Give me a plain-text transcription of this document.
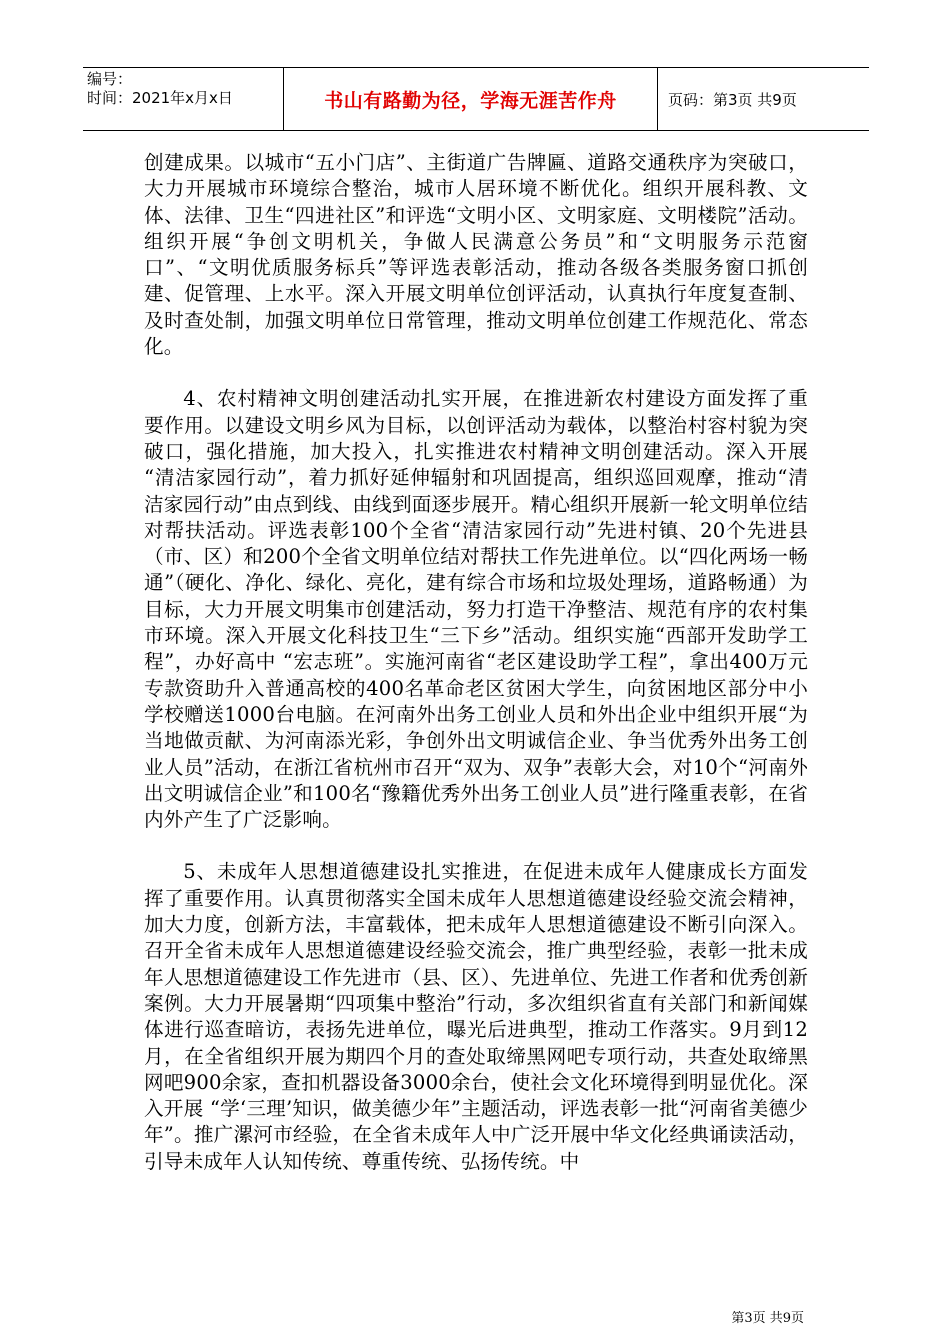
编号：
时间：2021年x月x日	书山有路勤为径，学海无涯苦作舟	页码：第3页 共9页

创建成果。以城市“五小门店”、主街道广告牌匾、道路交通秩序为突破口，大力开展城市环境综合整治，城市人居环境不断优化。组织开展科教、文体、法律、卫生“四进社区”和评选“文明小区、文明家庭、文明楼院”活动。组织开展“争创文明机关，争做人民满意公务员”和“文明服务示范窗口”、“文明优质服务标兵”等评选表彰活动，推动各级各类服务窗口抓创建、促管理、上水平。深入开展文明单位创评活动，认真执行年度复查制、及时查处制，加强文明单位日常管理，推动文明单位创建工作规范化、常态化。

4、农村精神文明创建活动扎实开展，在推进新农村建设方面发挥了重要作用。以建设文明乡风为目标，以创评活动为载体，以整治村容村貌为突破口，强化措施，加大投入，扎实推进农村精神文明创建活动。深入开展 “清洁家园行动”，着力抓好延伸辐射和巩固提高，组织巡回观摩，推动“清洁家园行动”由点到线、由线到面逐步展开。精心组织开展新一轮文明单位结对帮扶活动。评选表彰100个全省“清洁家园行动”先进村镇、20个先进县（市、区）和200个全省文明单位结对帮扶工作先进单位。以“四化两场一畅通”（硬化、净化、绿化、亮化，建有综合市场和垃圾处理场，道路畅通）为目标，大力开展文明集市创建活动，努力打造干净整洁、规范有序的农村集市环境。深入开展文化科技卫生“三下乡”活动。组织实施“西部开发助学工程”，办好高中 “宏志班”。实施河南省“老区建设助学工程”，拿出400万元专款资助升入普通高校的400名革命老区贫困大学生，向贫困地区部分中小学校赠送1000台电脑。在河南外出务工创业人员和外出企业中组织开展“为当地做贡献、为河南添光彩，争创外出文明诚信企业、争当优秀外出务工创业人员”活动，在浙江省杭州市召开“双为、双争”表彰大会，对10个“河南外出文明诚信企业”和100名“豫籍优秀外出务工创业人员”进行隆重表彰，在省内外产生了广泛影响。

5、未成年人思想道德建设扎实推进，在促进未成年人健康成长方面发挥了重要作用。认真贯彻落实全国未成年人思想道德建设经验交流会精神，加大力度，创新方法，丰富载体，把未成年人思想道德建设不断引向深入。召开全省未成年人思想道德建设经验交流会，推广典型经验，表彰一批未成年人思想道德建设工作先进市（县、区）、先进单位、先进工作者和优秀创新案例。大力开展暑期“四项集中整治”行动，多次组织省直有关部门和新闻媒体进行巡查暗访，表扬先进单位，曝光后进典型，推动工作落实。9月到12月，在全省组织开展为期四个月的查处取缔黑网吧专项行动，共查处取缔黑网吧900余家，查扣机器设备3000余台，使社会文化环境得到明显优化。深入开展 “学‘三理’知识，做美德少年”主题活动，评选表彰一批“河南省美德少年”。推广漯河市经验，在全省未成年人中广泛开展中华文化经典诵读活动，引导未成年人认知传统、尊重传统、弘扬传统。中

第3页 共9页
